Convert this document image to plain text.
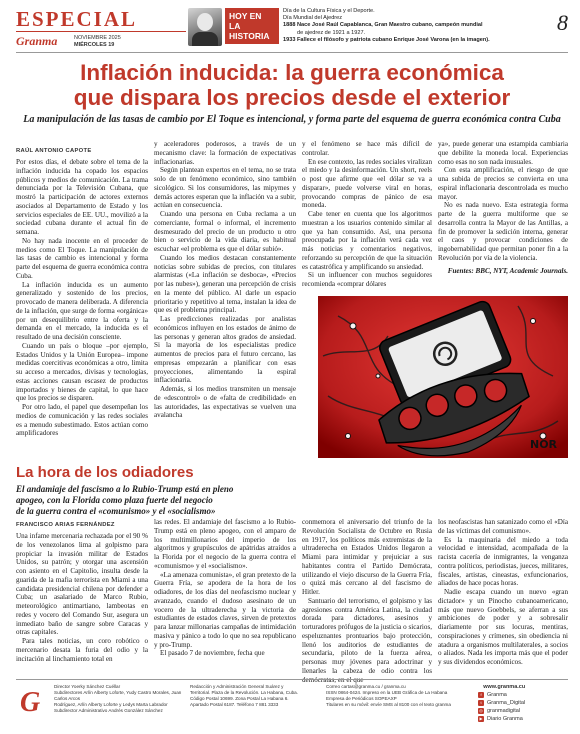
ESPECIAL
Granma	NOVIEMBRE 2025
MIÉRCOLES 19
HOY EN LA
HISTORIA
Día de la Cultura Física y el Deporte.
Día Mundial del Ajedrez
1888 Nace José Raúl Capablanca, Gran Maestro cubano, campeón mundial
de ajedrez de 1921 a 1927.
1933 Fallece el filósofo y patriota cubano Enrique José Varona (en la imagen).
8
Inflación inducida: la guerra económica
que dispara los precios desde el exterior
La manipulación de las tasas de cambio por El Toque es intencional, y forma parte del esquema de guerra económica contra Cuba
RAÚL ANTONIO CAPOTE

Por estos días, el debate sobre el tema de la inflación inducida ha copado los espacios públicos y medios de comunicación. La trama denunciada por la Televisión Cubana, que mostró la participación de actores externos asociados al Departamento de Estado y los servicios especiales de EE. UU., movilizó a la sociedad cubana durante el actual fin de semana.

No hay nada inocente en el proceder de medios como El Toque. La manipulación de las tasas de cambio es intencional y forma parte del esquema de guerra económica contra Cuba.

La inflación inducida es un aumento generalizado y sostenido de los precios, provocado de manera deliberada. A diferencia de la inflación, que surge de forma «orgánica» por un desequilibrio entre la oferta y la demanda en el mercado, la inducida es el resultado de una decisión consciente.

Cuando un país o bloque –por ejemplo, Estados Unidos y la Unión Europea– impone medidas coercitivas económicas a otro, limita su acceso a mercados, divisas y tecnologías, estas acciones causan escasez de productos importados y bienes de capital, lo que hace que los precios se disparen.

Por otro lado, el papel que desempeñan los medios de comunicación y las redes sociales es a menudo subestimado. Estos actúan como amplificadores

y aceleradores poderosos, a través de un mecanismo clave: la formación de expectativas inflacionarias.

Según plantean expertos en el tema, no se trata solo de un fenómeno económico, sino también sicológico. Si los consumidores, las mipymes y demás actores esperan que la inflación va a subir, actúan en consecuencia.

Cuando una persona en Cuba reclama a un comerciante, formal o informal, el incremento desmesurado del precio de un producto u otro bien o servicio de la vida diaria, es habitual escuchar «el problema es que el dólar subió».

Cuando los medios destacan constantemente noticias sobre subidas de precios, con titulares alarmistas («La inflación se desboca», «Precios por las nubes»), generan una percepción de crisis en la mente del público. Al darle un espacio prioritario y repetitivo al tema, instalan la idea de que es el problema principal.

Las predicciones realizadas por analistas económicos influyen en los estados de ánimo de las personas y generan altos grados de ansiedad. Si la mayoría de los especialistas predice aumentos de precios para el futuro cercano, las empresas empezarán a planificar con esas proyecciones, alimentando la espiral inflacionaria.

Además, si los medios transmiten un mensaje de «descontrol» o de «falta de credibilidad» en las autoridades, las expectativas se vuelven una avalancha

y el fenómeno se hace más difícil de controlar.

En ese contexto, las redes sociales viralizan el miedo y la desinformación. Un short, reels o post que afirme que «el dólar se va a disparar», puede volverse viral en horas, provocando compras de pánico de esa moneda.

Cabe tener en cuenta que los algoritmos muestran a los usuarios contenido similar al que ya han consumido. Así, una persona preocupada por la inflación verá cada vez más noticias y comentarios negativos, reforzando su percepción de que la situación es catastrófica y amplificando su ansiedad.

Si un influencer con muchos seguidores recomienda «comprar dólares

ya», puede generar una estampida cambiaria que debilite la moneda local. Experiencias como esas no son nada inusuales.

Con esta amplificación, el riesgo de que una subida de precios se convierta en una espiral inflacionaria descontrolada es mucho mayor.

No es nada nuevo. Esta estrategia forma parte de la guerra multiforme que se desarrolla contra la Mayor de las Antillas, a fin de promover la sedición interna, generar el caos y provocar condiciones de ingobernabilidad que permitan poner fin a la Revolución por vía de la violencia.

Fuentes: BBC, NYT, Academic Journals.

NOR
La hora de los odiadores
El andamiaje del fascismo a lo Rubio-Trump está en pleno
apogeo, con la Florida como plaza fuerte del negocio
de la guerra contra el «comunismo» y el «socialismo»
FRANCISCO ARIAS FERNÁNDEZ

Una infame mercenaria rechazada por el 90 % de los venezolanos lima al golpismo para propiciar la invasión militar de Estados Unidos, su patrón; y otorgar una ascensión con asiento en el Capitolio, insulta desde la guarida de la mafia terrorista en Miami a una candidata presidencial chilena por defender a Cuba; un asalariado de Marco Rubio, meteorológico antimartiano, lambeotas en redes y vocero del Comando Sur, asegura un inmediato baño de sangre sobre Caracas y otras capitales.

Para tales noticias, un coro robótico o mercenario desata la furia del odio y la incitación al linchamiento total en

las redes. El andamiaje del fascismo a lo Rubio-Trump está en pleno apogeo, con el amparo de los multimillonarios del imperio de los algoritmos y grupúsculos de apátridas atraídos a la Florida por el negocio de la guerra contra el «comunismo» y el «socialismo».

«La amenaza comunista», el gran pretexto de la Guerra Fría, se apodera de la hora de los odiadores, de los días del neofascismo nuclear y avanzado, cuando el dudoso asesinato de un vocero de la ultraderecha y la victoria de estudiantes de estados claves, sirven de pretextos para lanzar millonarias campañas de intimidación masiva y pánico a todo lo que no sea republicano y pro-Trump.

El pasado 7 de noviembre, fecha que

conmemora el aniversario del triunfo de la Revolución Socialista de Octubre en Rusia en 1917, los políticos más extremistas de la ultraderecha en Estados Unidos llegaron a Miami para intimidar y prejuiciar a sus habitantes contra el Partido Demócrata, utilizando el viejo discurso de la Guerra Fría, o quizá más cercano al del fascismo de Hitler.

Santuario del terrorismo, el golpismo y las agresiones contra América Latina, la ciudad dorada para dictadores, asesinos y torturadores prófugos de la justicia o sicarios, espeluznantes prontuarios bajo protección, llenó los auditorios de estudiantes de secundaria, piloto de la fuerza aérea, personas muy jóvenes para adoctrinar y llenarles la cabeza de odio contra los demócratas, en el que

los neofascistas han satanizado como el «Día de las víctimas del comunismo».

Es la maquinaria del miedo a toda velocidad e intensidad, acompañada de la racista cacería de inmigrantes, la venganza contra políticos, periodistas, jueces, militares, fiscales, artistas, cineastas, exfuncionarios, aliados de hace pocas horas.

Nadie escapa cuando un nuevo «gran dictador» y un Pinocho cubanoamericano, más que nuevo Goebbels, se aferran a sus ambiciones de poder y a sobresalir diariamente por sus locuras, mentiras, conspiraciones y crímenes, sin obediencia ni atadura a organismos multilaterales, a socios o aliados. Nada les importa más que el poder y sus dividendos económicos.

G
Director Yoerky Sánchez Cuéllar
Subdirectores Arlín Alberty Loforte, Yudy Castro Morales, Juan Carlos Arcos
Rodríguez, Arlín Alberty Loforte y Ledys Marta Labrador
Subdirector Administrativo Andrés González Sánchez
Redacción y Administración General Suárez y
Territorial. Plaza de la Revolución. La Habana, Cuba.
Código Postal 10699. Zona Postal La Habana 6.
Apartado Postal 6187. Teléfono 7 881 3333
Correo cartas@granma.cu / granma.cu
ISSN 0864-0424. Impreso en la UEB Gráfica de La Habana
Empresa de Periódicos SOPEAXP
Titulares en su móvil: envíe SMS al 8100 con el texto granma
www.granma.cu
f Granma
t Granma_Digital
◎ granmadigital
▶ Diario Granma
